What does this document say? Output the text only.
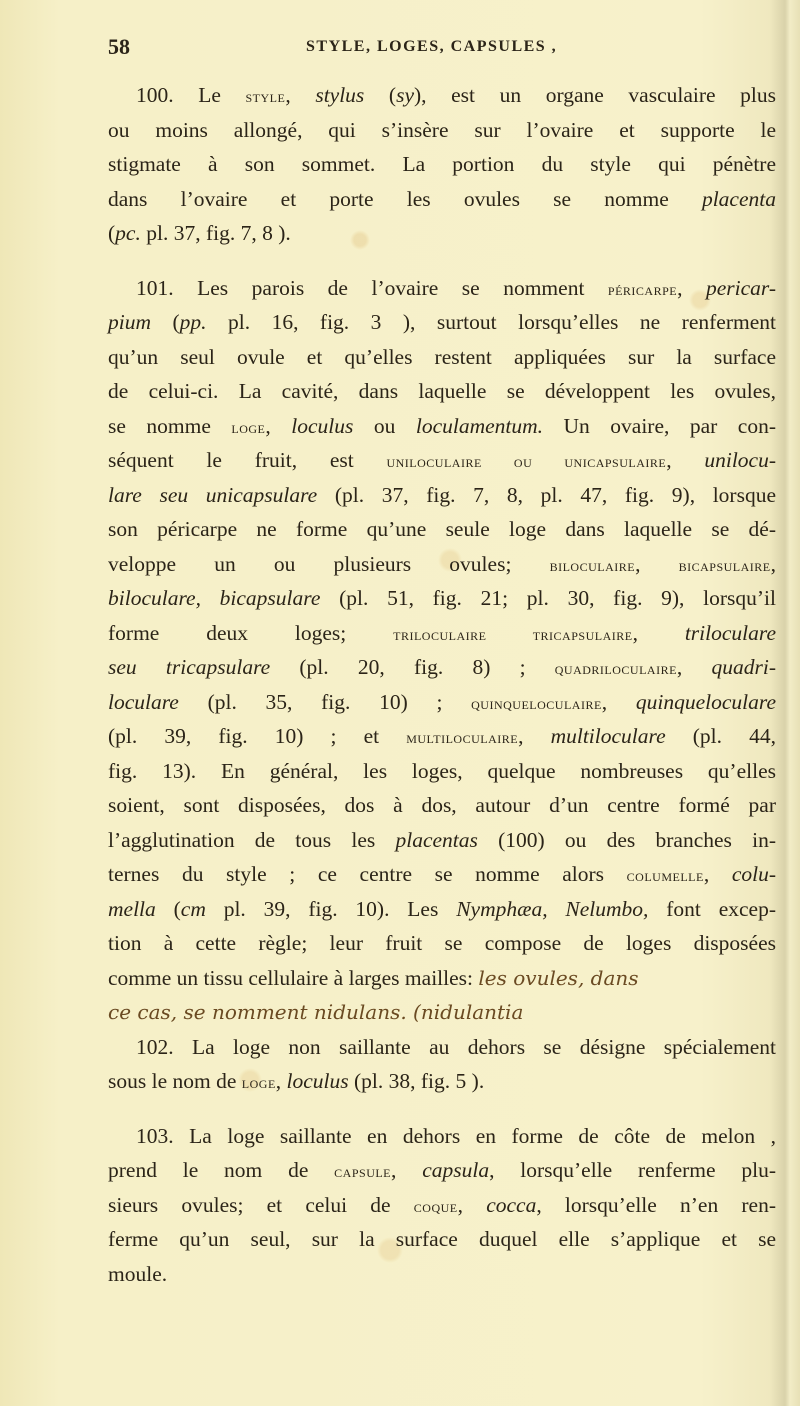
58	STYLE, LOGES, CAPSULES ,
100. Le style, stylus (sy), est un organe vasculaire plus
ou moins allongé, qui s’insère sur l’ovaire et supporte le
stigmate à son sommet. La portion du style qui pénètre
dans l’ovaire et porte les ovules se nomme placenta
(pc. pl. 37, fig. 7, 8 ).
101. Les parois de l’ovaire se nomment péricarpe, pericar-
pium (pp. pl. 16, fig. 3 ), surtout lorsqu’elles ne renferment
qu’un seul ovule et qu’elles restent appliquées sur la surface
de celui-ci. La cavité, dans laquelle se développent les ovules,
se nomme loge, loculus ou loculamentum. Un ovaire, par con-
séquent le fruit, est uniloculaire ou unicapsulaire, unilocu-
lare seu unicapsulare (pl. 37, fig. 7, 8, pl. 47, fig. 9), lorsque
son péricarpe ne forme qu’une seule loge dans laquelle se dé-
veloppe un ou plusieurs ovules; biloculaire, bicapsulaire,
biloculare, bicapsulare (pl. 51, fig. 21; pl. 30, fig. 9), lorsqu’il
forme deux loges; triloculaire tricapsulaire, triloculare
seu tricapsulare (pl. 20, fig. 8) ; quadriloculaire, quadri-
loculare (pl. 35, fig. 10) ; quinqueloculaire, quinqueloculare
(pl. 39, fig. 10) ; et multiloculaire, multiloculare (pl. 44,
fig. 13). En général, les loges, quelque nombreuses qu’elles
soient, sont disposées, dos à dos, autour d’un centre formé par
l’agglutination de tous les placentas (100) ou des branches in-
ternes du style ; ce centre se nomme alors columelle, colu-
mella (cm pl. 39, fig. 10). Les Nymphæa, Nelumbo, font excep-
tion à cette règle; leur fruit se compose de loges disposées
comme un tissu cellulaire à larges mailles: les ovules, dans
ce cas, se nomment nidulans. (nidulantia
102. La loge non saillante au dehors se désigne spécialement
sous le nom de loge, loculus (pl. 38, fig. 5 ).
103. La loge saillante en dehors en forme de côte de melon ,
prend le nom de capsule, capsula, lorsqu’elle renferme plu-
sieurs ovules; et celui de coque, cocca, lorsqu’elle n’en ren-
ferme qu’un seul, sur la surface duquel elle s’applique et se
moule.
